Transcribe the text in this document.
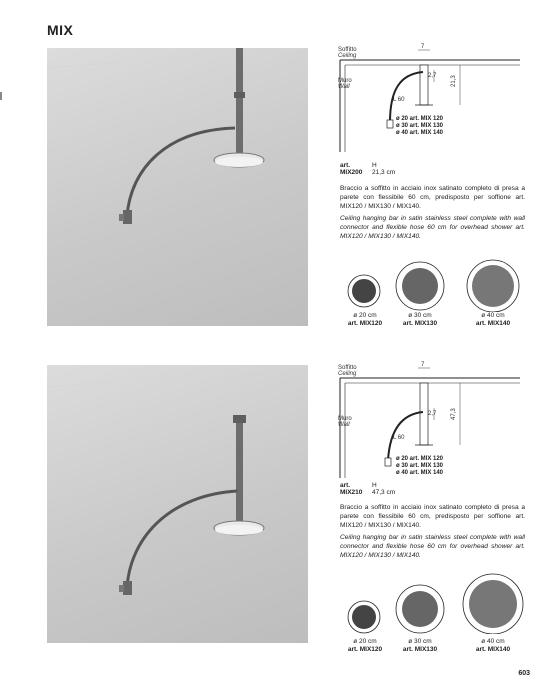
MIX
Soffitto
Ceiling
Muro
Wall
7
2,7 21,3
L 60
ø 20 art. MIX 120
ø 30 art. MIX 130
ø 40 art. MIX 140
art.	H
MIX200 21,3 cm
Braccio a soffitto in acciaio inox satinato completo di presa a parete con flessibile 60 cm, predisposto per soffione art. MIX120 / MIX130 / MIX140.
Ceiling hanging bar in satin stainless steel complete with wall connector and flexible hose 60 cm for overhead shower art. MIX120 / MIX130 / MIX140.
ø 20 cm
art. MIX120
ø 30 cm
art. MIX130
ø 40 cm
art. MIX140
Soffitto
Ceiling
Muro
Wall
7
2,7 47,3
L 60
ø 20 art. MIX 120
ø 30 art. MIX 130
ø 40 art. MIX 140
art.	H
MIX210 47,3 cm
Braccio a soffitto in acciaio inox satinato completo di presa a parete con flessibile 60 cm, predisposto per soffione art. MIX120 / MIX130 / MIX140.
Ceiling hanging bar in satin stainless steel complete with wall connector and flexible hose 60 cm for overhead shower art. MIX120 / MIX130 / MIX140.
ø 20 cm
art. MIX120
ø 30 cm
art. MIX130
ø 40 cm
art. MIX140
603
